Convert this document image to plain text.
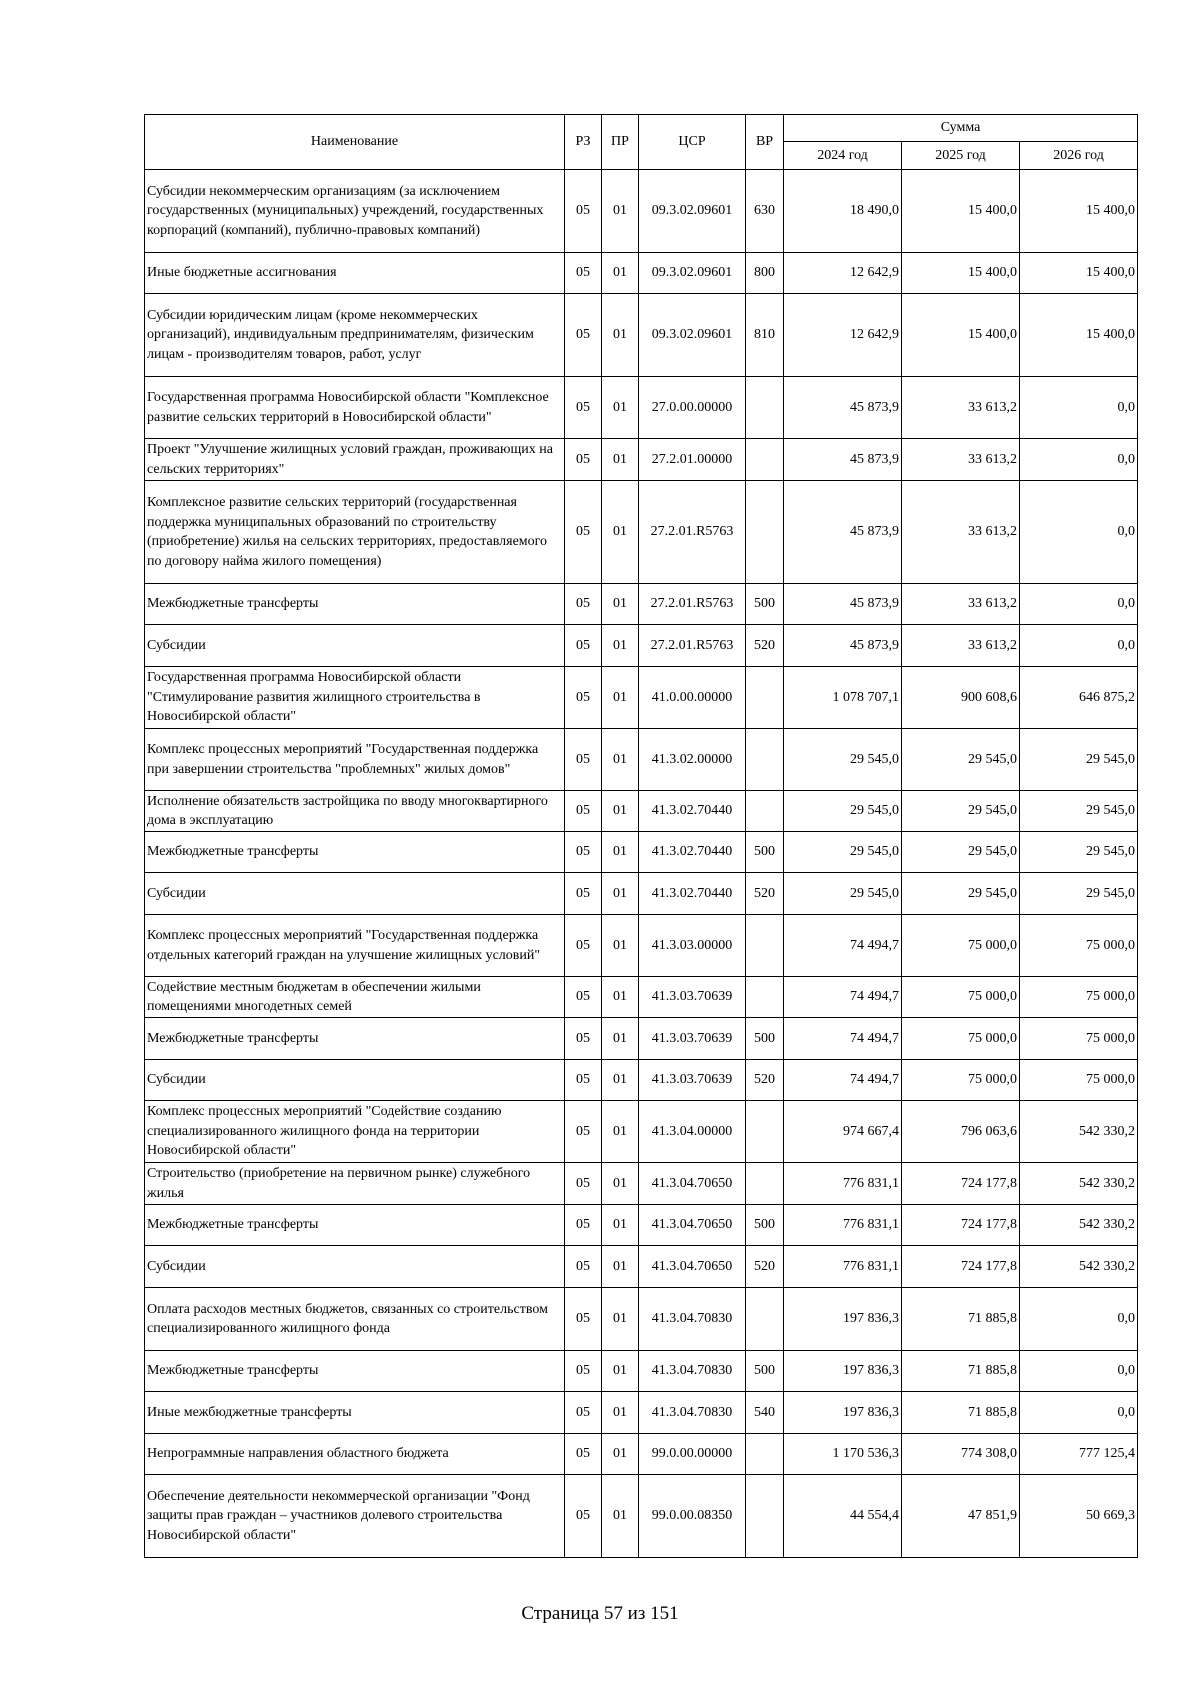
Наименование	РЗ	ПР	ЦСР	ВР	Сумма		
					2024 год	2025 год	2026 год
Субсидии некоммерческим организациям (за исключением государственных (муниципальных) учреждений, государственных корпораций (компаний), публично-правовых компаний)	05	01	09.3.02.09601	630	18 490,0	15 400,0	15 400,0
Иные бюджетные ассигнования	05	01	09.3.02.09601	800	12 642,9	15 400,0	15 400,0
Субсидии юридическим лицам (кроме некоммерческих организаций), индивидуальным предпринимателям, физическим лицам - производителям товаров, работ, услуг	05	01	09.3.02.09601	810	12 642,9	15 400,0	15 400,0
Государственная программа Новосибирской области "Комплексное развитие сельских территорий в Новосибирской области"	05	01	27.0.00.00000		45 873,9	33 613,2	0,0
Проект "Улучшение жилищных условий граждан, проживающих на сельских территориях"	05	01	27.2.01.00000		45 873,9	33 613,2	0,0
Комплексное развитие сельских территорий (государственная поддержка муниципальных образований по строительству (приобретение) жилья на сельских территориях, предоставляемого по договору найма жилого помещения)	05	01	27.2.01.R5763		45 873,9	33 613,2	0,0
Межбюджетные трансферты	05	01	27.2.01.R5763	500	45 873,9	33 613,2	0,0
Субсидии	05	01	27.2.01.R5763	520	45 873,9	33 613,2	0,0
Государственная программа Новосибирской области "Стимулирование развития жилищного строительства в Новосибирской области"	05	01	41.0.00.00000		1 078 707,1	900 608,6	646 875,2
Комплекс процессных мероприятий "Государственная поддержка при завершении строительства "проблемных" жилых домов"	05	01	41.3.02.00000		29 545,0	29 545,0	29 545,0
Исполнение обязательств застройщика по вводу многоквартирного дома в эксплуатацию	05	01	41.3.02.70440		29 545,0	29 545,0	29 545,0
Межбюджетные трансферты	05	01	41.3.02.70440	500	29 545,0	29 545,0	29 545,0
Субсидии	05	01	41.3.02.70440	520	29 545,0	29 545,0	29 545,0
Комплекс процессных мероприятий "Государственная поддержка отдельных категорий граждан на улучшение жилищных условий"	05	01	41.3.03.00000		74 494,7	75 000,0	75 000,0
Содействие местным бюджетам в обеспечении жилыми помещениями многодетных семей	05	01	41.3.03.70639		74 494,7	75 000,0	75 000,0
Межбюджетные трансферты	05	01	41.3.03.70639	500	74 494,7	75 000,0	75 000,0
Субсидии	05	01	41.3.03.70639	520	74 494,7	75 000,0	75 000,0
Комплекс процессных мероприятий "Содействие созданию специализированного жилищного фонда на территории Новосибирской области"	05	01	41.3.04.00000		974 667,4	796 063,6	542 330,2
Строительство (приобретение на первичном рынке) служебного жилья	05	01	41.3.04.70650		776 831,1	724 177,8	542 330,2
Межбюджетные трансферты	05	01	41.3.04.70650	500	776 831,1	724 177,8	542 330,2
Субсидии	05	01	41.3.04.70650	520	776 831,1	724 177,8	542 330,2
Оплата расходов местных бюджетов, связанных со строительством специализированного жилищного фонда	05	01	41.3.04.70830		197 836,3	71 885,8	0,0
Межбюджетные трансферты	05	01	41.3.04.70830	500	197 836,3	71 885,8	0,0
Иные межбюджетные трансферты	05	01	41.3.04.70830	540	197 836,3	71 885,8	0,0
Непрограммные направления областного бюджета	05	01	99.0.00.00000		1 170 536,3	774 308,0	777 125,4
Обеспечение деятельности некоммерческой организации "Фонд защиты прав граждан – участников долевого строительства Новосибирской области"	05	01	99.0.00.08350		44 554,4	47 851,9	50 669,3
Страница 57 из 151
